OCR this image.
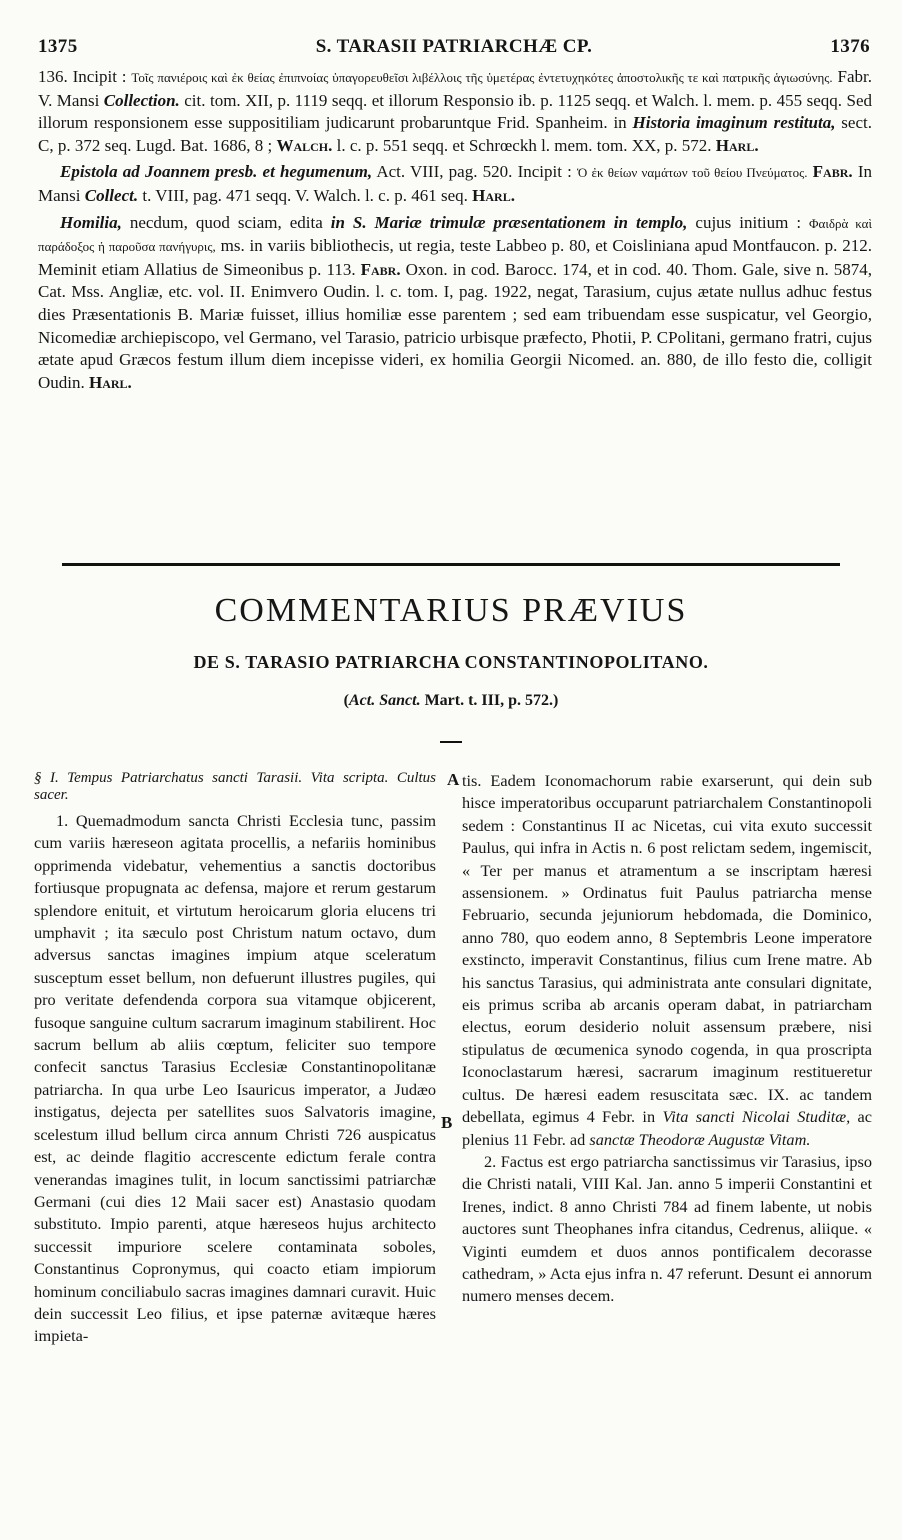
1375	S. TARASII PATRIARCHÆ CP.	1376

136. Incipit : Τοῖς πανιέροις καὶ ἐκ θείας ἐπιπνοίας ὑπαγορευθεῖσι λιβέλλοις τῆς ὑμετέρας ἐντετυχηκότες ἀποστολικῆς τε καὶ πατρικῆς ἁγιωσύνης. Fabr. V. Mansi Collection. cit. tom. XII, p. 1119 seqq. et illorum Responsio ib. p. 1125 seqq. et Walch. l. mem. p. 455 seqq. Sed illorum responsionem esse suppositiliam judicarunt probaruntque Frid. Spanheim. in Historia imaginum restituta, sect. C, p. 372 seq. Lugd. Bat. 1686, 8 ; Walch. l. c. p. 551 seqq. et Schrœckh l. mem. tom. XX, p. 572. Harl.

Epistola ad Joannem presb. et hegumenum, Act. VIII, pag. 520. Incipit : Ὁ ἐκ θείων ναμάτων τοῦ θείου Πνεύματος. Fabr. In Mansi Collect. t. VIII, pag. 471 seqq. V. Walch. l. c. p. 461 seq. Harl.

Homilia, necdum, quod sciam, edita in S. Mariæ trimulæ præsentationem in templo, cujus initium : Φαιδρὰ καὶ παράδοξος ἡ παροῦσα πανήγυρις, ms. in variis bibliothecis, ut regia, teste Labbeo p. 80, et Coisliniana apud Montfaucon. p. 212. Meminit etiam Allatius de Simeonibus p. 113. Fabr. Oxon. in cod. Barocc. 174, et in cod. 40. Thom. Gale, sive n. 5874, Cat. Mss. Angliæ, etc. vol. II. Enimvero Oudin. l. c. tom. I, pag. 1922, negat, Tarasium, cujus ætate nullus adhuc festus dies Præsentationis B. Mariæ fuisset, illius homiliæ esse parentem ; sed eam tribuendam esse suspicatur, vel Georgio, Nicomediæ archiepiscopo, vel Germano, vel Tarasio, patricio urbisque præfecto, Photii, P. CPolitani, germano fratri, cujus ætate apud Græcos festum illum diem incepisse videri, ex homilia Georgii Nicomed. an. 880, de illo festo die, colligit Oudin. Harl.

COMMENTARIUS PRÆVIUS
DE S. TARASIO PATRIARCHA CONSTANTINOPOLITANO.
(Act. Sanct. Mart. t. III, p. 572.)

§ I. Tempus Patriarchatus sancti Tarasii. Vita scripta. Cultus sacer.

1. Quemadmodum sancta Christi Ecclesia tunc, passim cum variis hæreseon agitata procellis, a nefariis hominibus opprimenda videbatur, vehementius a sanctis doctoribus fortiusque propugnata ac defensa, majore et rerum gestarum splendore enituit, et virtutum heroicarum gloria elucens tri umphavit ; ita sæculo post Christum natum octavo, dum adversus sanctas imagines impium atque sceleratum susceptum esset bellum, non defuerunt illustres pugiles, qui pro veritate defendenda corpora sua vitamque objicerent, fusoque sanguine cultum sacrarum imaginum stabilirent. Hoc sacrum bellum ab aliis cœptum, feliciter suo tempore confecit sanctus Tarasius Ecclesiæ Constantinopolitanæ patriarcha. In qua urbe Leo Isauricus imperator, a Judæo instigatus, dejecta per satellites suos Salvatoris imagine, scelestum illud bellum circa annum Christi 726 auspicatus est, ac deinde flagitio accrescente edictum ferale contra venerandas imagines tulit, in locum sanctissimi patriarchæ Germani (cui dies 12 Maii sacer est) Anastasio quodam substituto. Impio parenti, atque hæreseos hujus architecto successit impuriore scelere contaminata soboles, Constantinus Copronymus, qui coacto etiam impiorum hominum conciliabulo sacras imagines damnari curavit. Huic dein successit Leo filius, et ipse paternæ avitæque hæres impieta-

A
B

tis. Eadem Iconomachorum rabie exarserunt, qui dein sub hisce imperatoribus occuparunt patriarchalem Constantinopoli sedem : Constantinus II ac Nicetas, cui vita exuto successit Paulus, qui infra in Actis n. 6 post relictam sedem, ingemiscit, « Ter per manus et atramentum a se inscriptam hæresi assensionem. » Ordinatus fuit Paulus patriarcha mense Februario, secunda jejuniorum hebdomada, die Dominico, anno 780, quo eodem anno, 8 Septembris Leone imperatore exstincto, imperavit Constantinus, filius cum Irene matre. Ab his sanctus Tarasius, qui administrata ante consulari dignitate, eis primus scriba ab arcanis operam dabat, in patriarcham electus, eorum desiderio noluit assensum præbere, nisi stipulatus de œcumenica synodo cogenda, in qua proscripta Iconoclastarum hæresi, sacrarum imaginum restitueretur cultus. De hæresi eadem resuscitata sæc. IX. ac tandem debellata, egimus 4 Febr. in Vita sancti Nicolai Studitæ, ac plenius 11 Febr. ad sanctæ Theodoræ Augustæ Vitam.

2. Factus est ergo patriarcha sanctissimus vir Tarasius, ipso die Christi natali, VIII Kal. Jan. anno 5 imperii Constantini et Irenes, indict. 8 anno Christi 784 ad finem labente, ut nobis auctores sunt Theophanes infra citandus, Cedrenus, aliique. « Viginti eumdem et duos annos pontificalem decorasse cathedram, » Acta ejus infra n. 47 referunt. Desunt ei annorum numero menses decem.
